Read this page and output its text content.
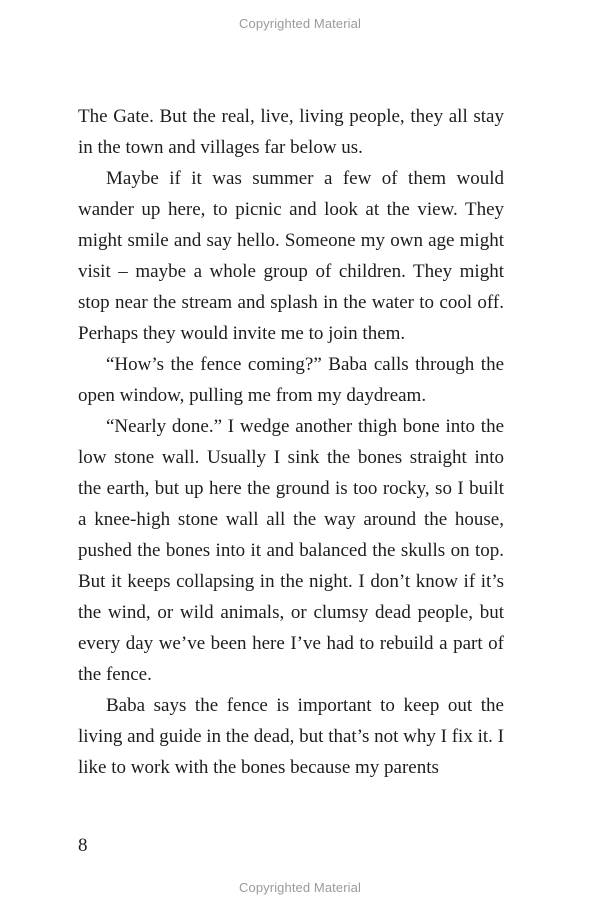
Copyrighted Material

The Gate. But the real, live, living people, they all stay in the town and villages far below us.

Maybe if it was summer a few of them would wander up here, to picnic and look at the view. They might smile and say hello. Someone my own age might visit – maybe a whole group of children. They might stop near the stream and splash in the water to cool off. Perhaps they would invite me to join them.

“How’s the fence coming?” Baba calls through the open window, pulling me from my daydream.

“Nearly done.” I wedge another thigh bone into the low stone wall. Usually I sink the bones straight into the earth, but up here the ground is too rocky, so I built a knee-high stone wall all the way around the house, pushed the bones into it and balanced the skulls on top. But it keeps collapsing in the night. I don’t know if it’s the wind, or wild animals, or clumsy dead people, but every day we’ve been here I’ve had to rebuild a part of the fence.

Baba says the fence is important to keep out the living and guide in the dead, but that’s not why I fix it. I like to work with the bones because my parents

8
Copyrighted Material
